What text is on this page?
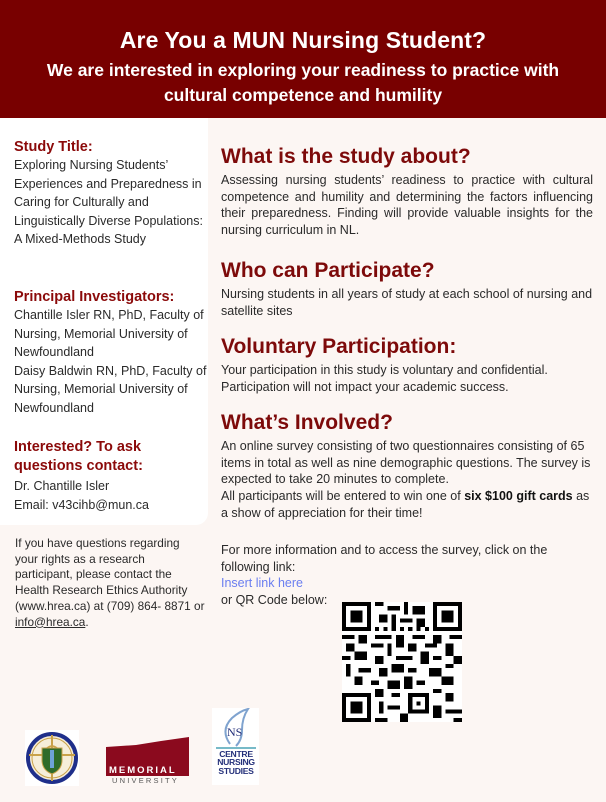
Are You a MUN Nursing Student?
We are interested in exploring your readiness to practice with cultural competence and humility
Study Title:
Exploring Nursing Students’ Experiences and Preparedness in Caring for Culturally and Linguistically Diverse Populations: A Mixed-Methods Study
Principal Investigators:
Chantille Isler RN, PhD, Faculty of Nursing, Memorial University of Newfoundland
Daisy Baldwin RN, PhD, Faculty of Nursing, Memorial University of Newfoundland
Interested? To ask questions contact:
Dr. Chantille Isler
Email: v43cihb@mun.ca
If you have questions regarding your rights as a research participant, please contact the Health Research Ethics Authority (www.hrea.ca) at (709) 864- 8871 or info@hrea.ca.
What is the study about?
Assessing nursing students’ readiness to practice with cultural competence and humility and determining the factors influencing their preparedness. Finding will provide valuable insights for the nursing curriculum in NL.
Who can Participate?
Nursing students in all years of study at each school of nursing and satellite sites
Voluntary Participation:
Your participation in this study is voluntary and confidential. Participation will not impact your academic success.
What’s Involved?
An online survey consisting of two questionnaires consisting of 65 items in total as well as nine demographic questions. The survey is expected to take 20 minutes to complete.
All participants will be entered to win one of six $100 gift cards as a show of appreciation for their time!
For more information and to access the survey, click on the following link:
Insert link here
or QR Code below:
MEMORIAL
UNIVERSITY
NS
CENTRE
NURSING
STUDIES
